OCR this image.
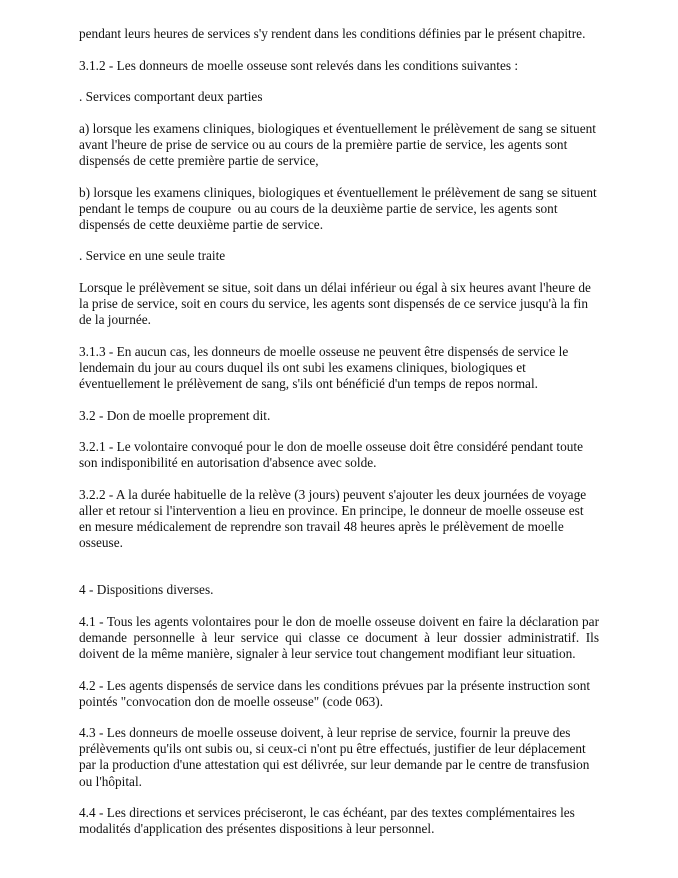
pendant leurs heures de services s'y rendent dans les conditions définies par le présent chapitre.

3.1.2 - Les donneurs de moelle osseuse sont relevés dans les conditions suivantes :

. Services comportant deux parties

a) lorsque les examens cliniques, biologiques et éventuellement le prélèvement de sang se situent avant l'heure de prise de service ou au cours de la première partie de service, les agents sont dispensés de cette première partie de service,

b) lorsque les examens cliniques, biologiques et éventuellement le prélèvement de sang se situent pendant le temps de coupure  ou au cours de la deuxième partie de service, les agents sont dispensés de cette deuxième partie de service.

. Service en une seule traite

Lorsque le prélèvement se situe, soit dans un délai inférieur ou égal à six heures avant l'heure de la prise de service, soit en cours du service, les agents sont dispensés de ce service jusqu'à la fin de la journée.

3.1.3 - En aucun cas, les donneurs de moelle osseuse ne peuvent être dispensés de service le lendemain du jour au cours duquel ils ont subi les examens cliniques, biologiques et éventuellement le prélèvement de sang, s'ils ont bénéficié d'un temps de repos normal.

3.2 - Don de moelle proprement dit.

3.2.1 - Le volontaire convoqué pour le don de moelle osseuse doit être considéré pendant toute son indisponibilité en autorisation d'absence avec solde.

3.2.2 - A la durée habituelle de la relève (3 jours) peuvent s'ajouter les deux journées de voyage aller et retour si l'intervention a lieu en province. En principe, le donneur de moelle osseuse est en mesure médicalement de reprendre son travail 48 heures après le prélèvement de moelle osseuse.

4 - Dispositions diverses.

4.1 - Tous les agents volontaires pour le don de moelle osseuse doivent en faire la déclaration par demande personnelle à leur service qui classe ce document à leur dossier administratif. Ils doivent de la même manière, signaler à leur service tout changement modifiant leur situation.

4.2 - Les agents dispensés de service dans les conditions prévues par la présente instruction sont pointés "convocation don de moelle osseuse" (code 063).

4.3 - Les donneurs de moelle osseuse doivent, à leur reprise de service, fournir la preuve des prélèvements qu'ils ont subis ou, si ceux-ci n'ont pu être effectués, justifier de leur déplacement par la production d'une attestation qui est délivrée, sur leur demande par le centre de transfusion ou l'hôpital.

4.4 - Les directions et services préciseront, le cas échéant, par des textes complémentaires les modalités d'application des présentes dispositions à leur personnel.
